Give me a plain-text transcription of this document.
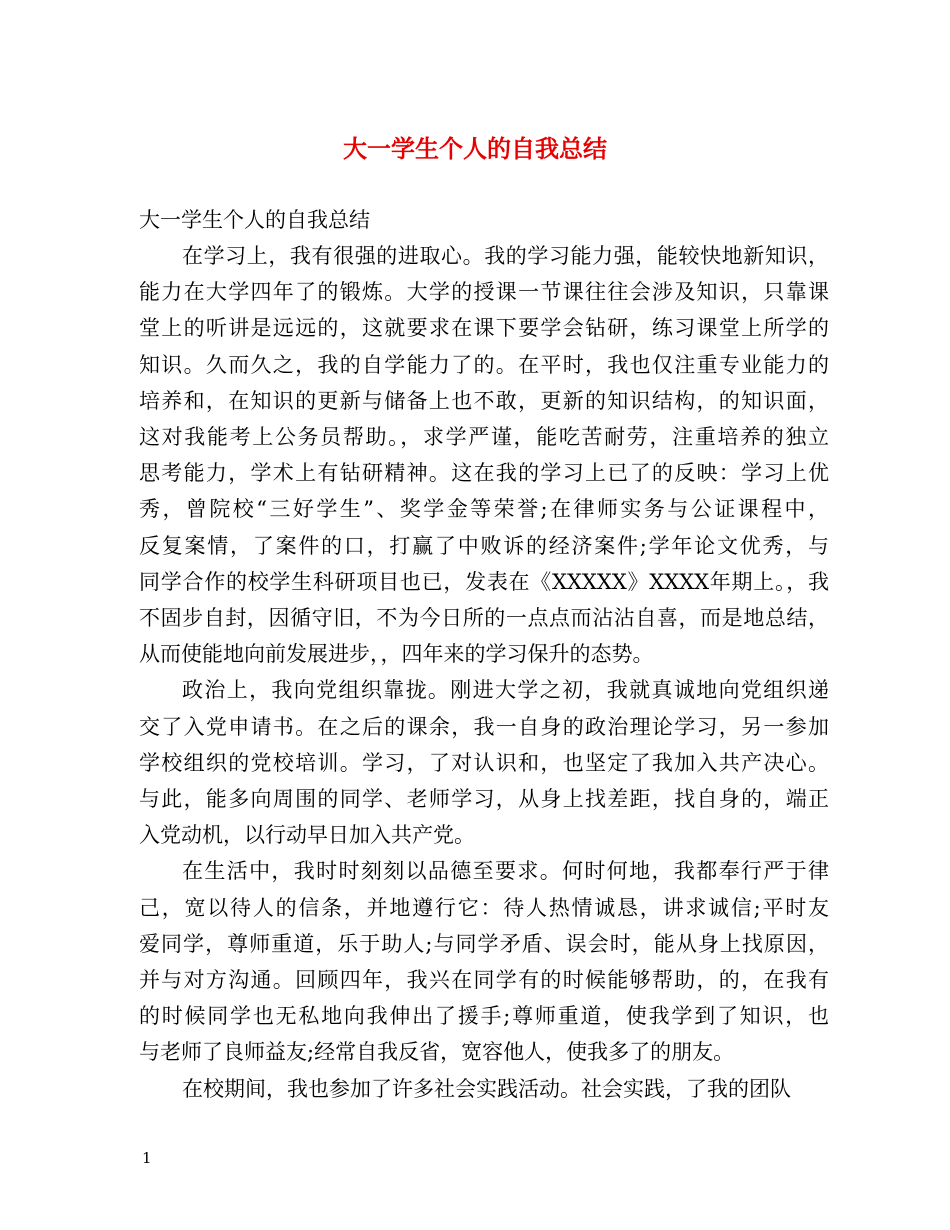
大一学生个人的自我总结

大一学生个人的自我总结

在学习上，我有很强的进取心。我的学习能力强，能较快地新知识，

能力在大学四年了的锻炼。大学的授课一节课往往会涉及知识，只靠课

堂上的听讲是远远的，这就要求在课下要学会钻研，练习课堂上所学的

知识。久而久之，我的自学能力了的。在平时，我也仅注重专业能力的

培养和，在知识的更新与储备上也不敢，更新的知识结构，的知识面，

这对我能考上公务员帮助。，求学严谨，能吃苦耐劳，注重培养的独立

思考能力，学术上有钻研精神。这在我的学习上已了的反映：学习上优

秀，曾院校“三好学生”、奖学金等荣誉;在律师实务与公证课程中，

反复案情，了案件的口，打赢了中败诉的经济案件;学年论文优秀，与

同学合作的校学生科研项目也已，发表在《XXXXX》XXXX年期上。，我

不固步自封，因循守旧，不为今日所的一点点而沾沾自喜，而是地总结，

从而使能地向前发展进步，，四年来的学习保升的态势。

政治上，我向党组织靠拢。刚进大学之初，我就真诚地向党组织递

交了入党申请书。在之后的课余，我一自身的政治理论学习，另一参加

学校组织的党校培训。学习，了对认识和，也坚定了我加入共产决心。

与此，能多向周围的同学、老师学习，从身上找差距，找自身的，端正

入党动机，以行动早日加入共产党。

在生活中，我时时刻刻以品德至要求。何时何地，我都奉行严于律

己，宽以待人的信条，并地遵行它：待人热情诚恳，讲求诚信;平时友

爱同学，尊师重道，乐于助人;与同学矛盾、误会时，能从身上找原因，

并与对方沟通。回顾四年，我兴在同学有的时候能够帮助，的，在我有

的时候同学也无私地向我伸出了援手;尊师重道，使我学到了知识，也

与老师了良师益友;经常自我反省，宽容他人，使我多了的朋友。

在校期间，我也参加了许多社会实践活动。社会实践，了我的团队

1
